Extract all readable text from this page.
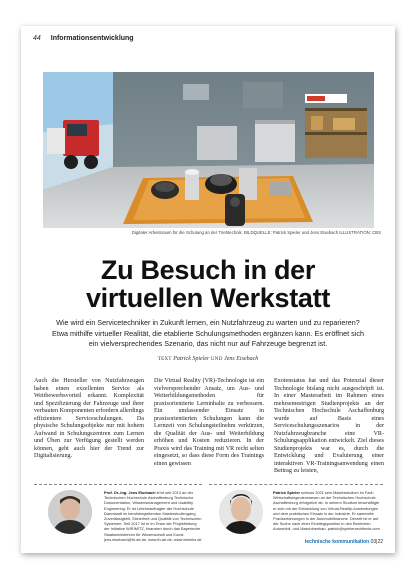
44 Informationsentwicklung
Digitaler Arbeitsraum für die Schulung an der Triebtechnik. BILDQUELLE: Patrick Spieler und Jens Eisebach ILLUSTRATION: CBS
Zu Besuch in der
virtuellen Werkstatt
Wie wird ein Servicetechniker in Zukunft lernen, ein Nutzfahrzeug zu warten und zu reparieren? Etwa mithilfe virtueller Realität, die etablierte Schulungsmethoden ergänzen kann. Es eröffnet sich ein vielversprechendes Szenario, das nicht nur auf Fahrzeuge begrenzt ist.
TEXT Patrick Spieler UND Jens Eisebach
Auch die Hersteller von Nutzfahrzeugen haben einen exzellenten Service als Wettbewerbsvorteil erkannt. Komplexität und Spezifizierung der Fahrzeuge und ihrer verbauten Komponenten erfordern allerdings effizientere Serviceschulungen. Da physische Schulungsobjekte nur mit hohem Aufwand in Schulungszentren zum Lernen und Üben zur Verfügung gestellt werden können, geht auch hier der Trend zur Digitalisierung.
Die Virtual Reality (VR)-Technologie ist ein vielversprechender Ansatz, um Aus- und Weiterbildungsmethoden für praxisorientierte Lerninhalte zu verbessern. Ein umfassender Einsatz in praxisorientierten Schulungen kann die Lernzeit von Schulungsteilnehm verkürzen, die Qualität der Aus- und Weiterbildung erhöhen und Kosten reduzieren. In der Praxis wird das Training mit VR recht selten eingesetzt, so dass diese Form des Trainings einen gewissen
Exotenstatus hat und das Potenzial dieser Technologie bislang nicht ausgeschöpft ist. In einer Masterarbeit im Rahmen eines mehrsemestrigen Studienprojekts an der Technischen Hochschule Aschaffenburg wurde auf Basis eines Serviceschulungsszenarios in der Nutzfahrzeugbranche eine VR-Schulungsapplikation entwickelt. Ziel dieses Studienprojekts war es, durch die Entwicklung und Evaluierung einer interaktiven VR-Trainingsanwendung einen Beitrag zu leisten,
Prof. Dr.-Ing. Jens Eisebach lehrt seit 2013 an der Technischen Hochschule Aschaffenburg Technische Dokumentation, Wissensmanagement und Usability Engineering. Er ist Lehrbeauftragter der Hochschule Darmstadt im berufsbegleitenden Masterstudiengang Zuverlässigkeit, Sicherheit und Qualität von Technischen Systemen. Seit 2017 ist er im Team der Projektleitung der Initiative WIRIMITZ, finanziert durch das Bayerische Staatsministerium für Wissenschaft und Kunst. jens.eisebach@th-ab.de, www.th-ab.de, www.wirimitz.de
Patrick Spieler schloss 2021 sein Masterstudium im Fach Wirtschaftsingenieurwesen an der Technischen Hochschule Aschaffenburg erfolgreich ab. In seinem Studium beschäftigte er sich mit der Entwicklung von Virtual-Reality-Anwendungen und dem praktischen Einsatz in der Industrie. Er sammelte Praxiserfahrungen in der Automobilbranche. Derzeit ist er auf der Suche nach einer Einstiegsposition in den Bereichen Automobil- und Maschinenbau. patrick@spielerarchitects.com
technische kommunikation 03|22
